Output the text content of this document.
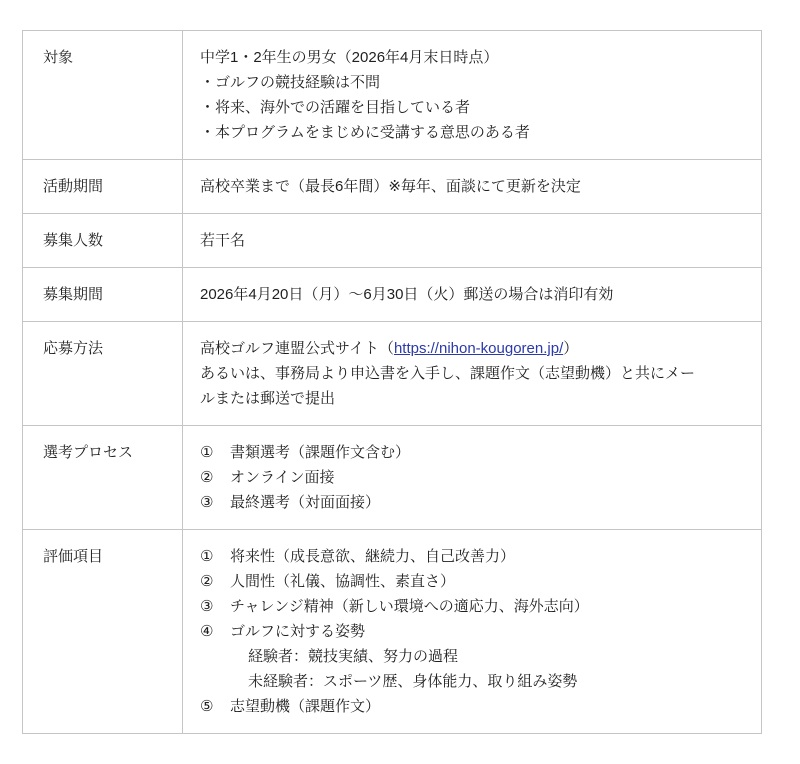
対象	中学1・2年生の男女（2026年4月末日時点）
・ゴルフの競技経験は不問
・将来、海外での活躍を目指している者
・本プログラムをまじめに受講する意思のある者
活動期間	高校卒業まで（最長6年間）※毎年、面談にて更新を決定
募集人数	若干名
募集期間	2026年4月20日（月）～6月30日（火）郵送の場合は消印有効
応募方法	高校ゴルフ連盟公式サイト（https://nihon-kougoren.jp/）
あるいは、事務局より申込書を入手し、課題作文（志望動機）と共にメー
ルまたは郵送で提出
選考プロセス	①	書類選考（課題作文含む）
②	オンライン面接
③	最終選考（対面面接）
評価項目	①	将来性（成長意欲、継続力、自己改善力）
②	人間性（礼儀、協調性、素直さ）
③	チャレンジ精神（新しい環境への適応力、海外志向）
④	ゴルフに対する姿勢
経験者：競技実績、努力の過程
未経験者：スポーツ歴、身体能力、取り組み姿勢
⑤	志望動機（課題作文）
